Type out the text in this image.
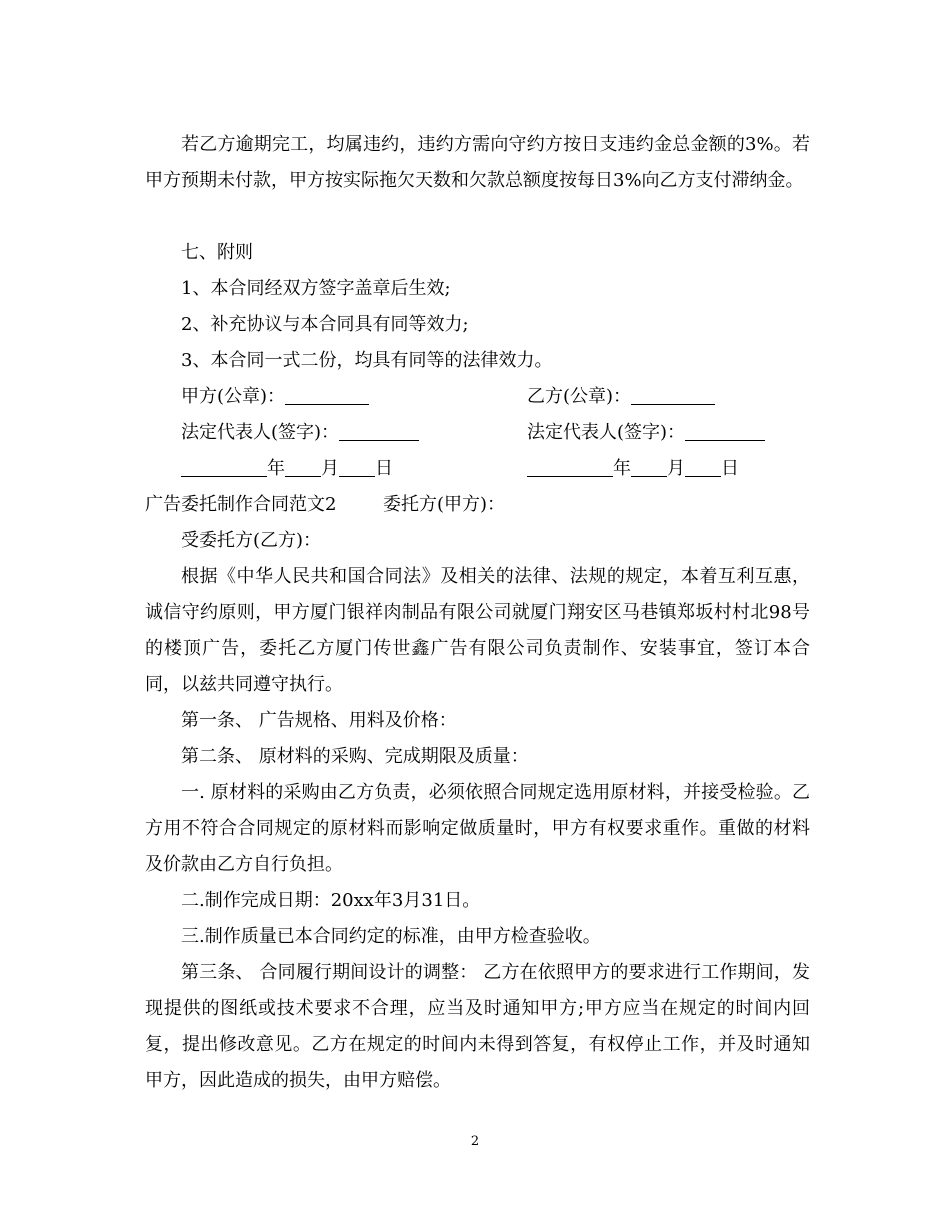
若乙方逾期完工，均属违约，违约方需向守约方按日支违约金总金额的3%。若甲方预期未付款，甲方按实际拖欠天数和欠款总额度按每日3%向乙方支付滞纳金。

七、附则

1、本合同经双方签字盖章后生效;

2、补充协议与本合同具有同等效力;

3、本合同一式二份，均具有同等的法律效力。

甲方(公章)：	乙方(公章)：
法定代表人(签字)：	法定代表人(签字)：
年 月 日	年 月 日
广告委托制作合同范文2	委托方(甲方)：

受委托方(乙方)：

根据《中华人民共和国合同法》及相关的法律、法规的规定，本着互利互惠，诚信守约原则，甲方厦门银祥肉制品有限公司就厦门翔安区马巷镇郑坂村村北98号的楼顶广告，委托乙方厦门传世鑫广告有限公司负责制作、安装事宜，签订本合同，以兹共同遵守执行。

第一条、 广告规格、用料及价格：

第二条、 原材料的采购、完成期限及质量：

一. 原材料的采购由乙方负责，必须依照合同规定选用原材料，并接受检验。乙方用不符合合同规定的原材料而影响定做质量时，甲方有权要求重作。重做的材料及价款由乙方自行负担。

二.制作完成日期：20xx年3月31日。

三.制作质量已本合同约定的标准，由甲方检查验收。

第三条、 合同履行期间设计的调整： 乙方在依照甲方的要求进行工作期间，发现提供的图纸或技术要求不合理，应当及时通知甲方;甲方应当在规定的时间内回复，提出修改意见。乙方在规定的时间内未得到答复，有权停止工作，并及时通知甲方，因此造成的损失，由甲方赔偿。

2
